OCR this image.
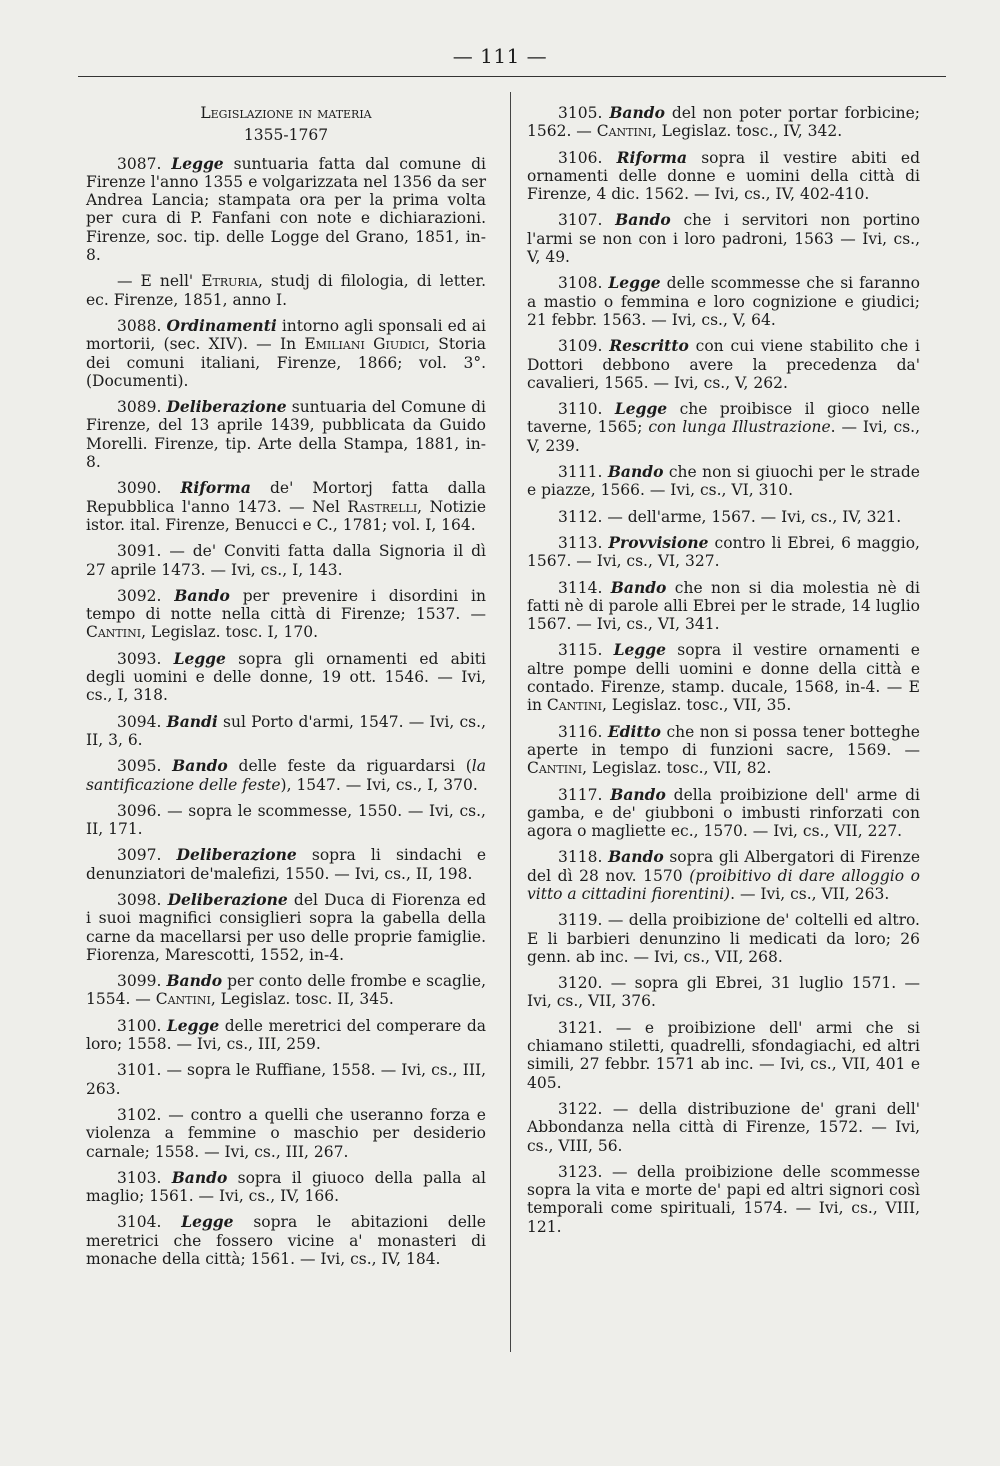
— 111 —

Legislazione in materia

1355-1767

3087. Legge suntuaria fatta dal comune di Firenze l'anno 1355 e volgarizzata nel 1356 da ser Andrea Lancia; stampata ora per la prima volta per cura di P. Fanfani con note e dichiarazioni. Firenze, soc. tip. delle Logge del Grano, 1851, in-8.

— E nell' Etruria, studj di filologia, di letter. ec. Firenze, 1851, anno I.

3088. Ordinamenti intorno agli sponsali ed ai mortorii, (sec. XIV). — In Emiliani Giudici, Storia dei comuni italiani, Firenze, 1866; vol. 3°. (Documenti).

3089. Deliberazione suntuaria del Comune di Firenze, del 13 aprile 1439, pubblicata da Guido Morelli. Firenze, tip. Arte della Stampa, 1881, in-8.

3090. Riforma de' Mortorj fatta dalla Repubblica l'anno 1473. — Nel Rastrelli, Notizie istor. ital. Firenze, Benucci e C., 1781; vol. I, 164.

3091. — de' Conviti fatta dalla Signoria il dì 27 aprile 1473. — Ivi, cs., I, 143.

3092. Bando per prevenire i disordini in tempo di notte nella città di Firenze; 1537. — Cantini, Legislaz. tosc. I, 170.

3093. Legge sopra gli ornamenti ed abiti degli uomini e delle donne, 19 ott. 1546. — Ivi, cs., I, 318.

3094. Bandi sul Porto d'armi, 1547. — Ivi, cs., II, 3, 6.

3095. Bando delle feste da riguardarsi (la santificazione delle feste), 1547. — Ivi, cs., I, 370.

3096. — sopra le scommesse, 1550. — Ivi, cs., II, 171.

3097. Deliberazione sopra li sindachi e denunziatori de'malefizi, 1550. — Ivi, cs., II, 198.

3098. Deliberazione del Duca di Fiorenza ed i suoi magnifici consiglieri sopra la gabella della carne da macellarsi per uso delle proprie famiglie. Fiorenza, Marescotti, 1552, in-4.

3099. Bando per conto delle frombe e scaglie, 1554. — Cantini, Legislaz. tosc. II, 345.

3100. Legge delle meretrici del comperare da loro; 1558. — Ivi, cs., III, 259.

3101. — sopra le Ruffiane, 1558. — Ivi, cs., III, 263.

3102. — contro a quelli che useranno forza e violenza a femmine o maschio per desiderio carnale; 1558. — Ivi, cs., III, 267.

3103. Bando sopra il giuoco della palla al maglio; 1561. — Ivi, cs., IV, 166.

3104. Legge sopra le abitazioni delle meretrici che fossero vicine a' monasteri di monache della città; 1561. — Ivi, cs., IV, 184.

3105. Bando del non poter portar forbicine; 1562. — Cantini, Legislaz. tosc., IV, 342.

3106. Riforma sopra il vestire abiti ed ornamenti delle donne e uomini della città di Firenze, 4 dic. 1562. — Ivi, cs., IV, 402-410.

3107. Bando che i servitori non portino l'armi se non con i loro padroni, 1563 — Ivi, cs., V, 49.

3108. Legge delle scommesse che si faranno a mastio o femmina e loro cognizione e giudici; 21 febbr. 1563. — Ivi, cs., V, 64.

3109. Rescritto con cui viene stabilito che i Dottori debbono avere la precedenza da' cavalieri, 1565. — Ivi, cs., V, 262.

3110. Legge che proibisce il gioco nelle taverne, 1565; con lunga Illustrazione. — Ivi, cs., V, 239.

3111. Bando che non si giuochi per le strade e piazze, 1566. — Ivi, cs., VI, 310.

3112. — dell'arme, 1567. — Ivi, cs., IV, 321.

3113. Provvisione contro li Ebrei, 6 maggio, 1567. — Ivi, cs., VI, 327.

3114. Bando che non si dia molestia nè di fatti nè di parole alli Ebrei per le strade, 14 luglio 1567. — Ivi, cs., VI, 341.

3115. Legge sopra il vestire ornamenti e altre pompe delli uomini e donne della città e contado. Firenze, stamp. ducale, 1568, in-4. — E in Cantini, Legislaz. tosc., VII, 35.

3116. Editto che non si possa tener botteghe aperte in tempo di funzioni sacre, 1569. — Cantini, Legislaz. tosc., VII, 82.

3117. Bando della proibizione dell' arme di gamba, e de' giubboni o imbusti rinforzati con agora o magliette ec., 1570. — Ivi, cs., VII, 227.

3118. Bando sopra gli Albergatori di Firenze del dì 28 nov. 1570 (proibitivo di dare alloggio o vitto a cittadini fiorentini). — Ivi, cs., VII, 263.

3119. — della proibizione de' coltelli ed altro. E li barbieri denunzino li medicati da loro; 26 genn. ab inc. — Ivi, cs., VII, 268.

3120. — sopra gli Ebrei, 31 luglio 1571. — Ivi, cs., VII, 376.

3121. — e proibizione dell' armi che si chiamano stiletti, quadrelli, sfondagiachi, ed altri simili, 27 febbr. 1571 ab inc. — Ivi, cs., VII, 401 e 405.

3122. — della distribuzione de' grani dell' Abbondanza nella città di Firenze, 1572. — Ivi, cs., VIII, 56.

3123. — della proibizione delle scommesse sopra la vita e morte de' papi ed altri signori così temporali come spirituali, 1574. — Ivi, cs., VIII, 121.
